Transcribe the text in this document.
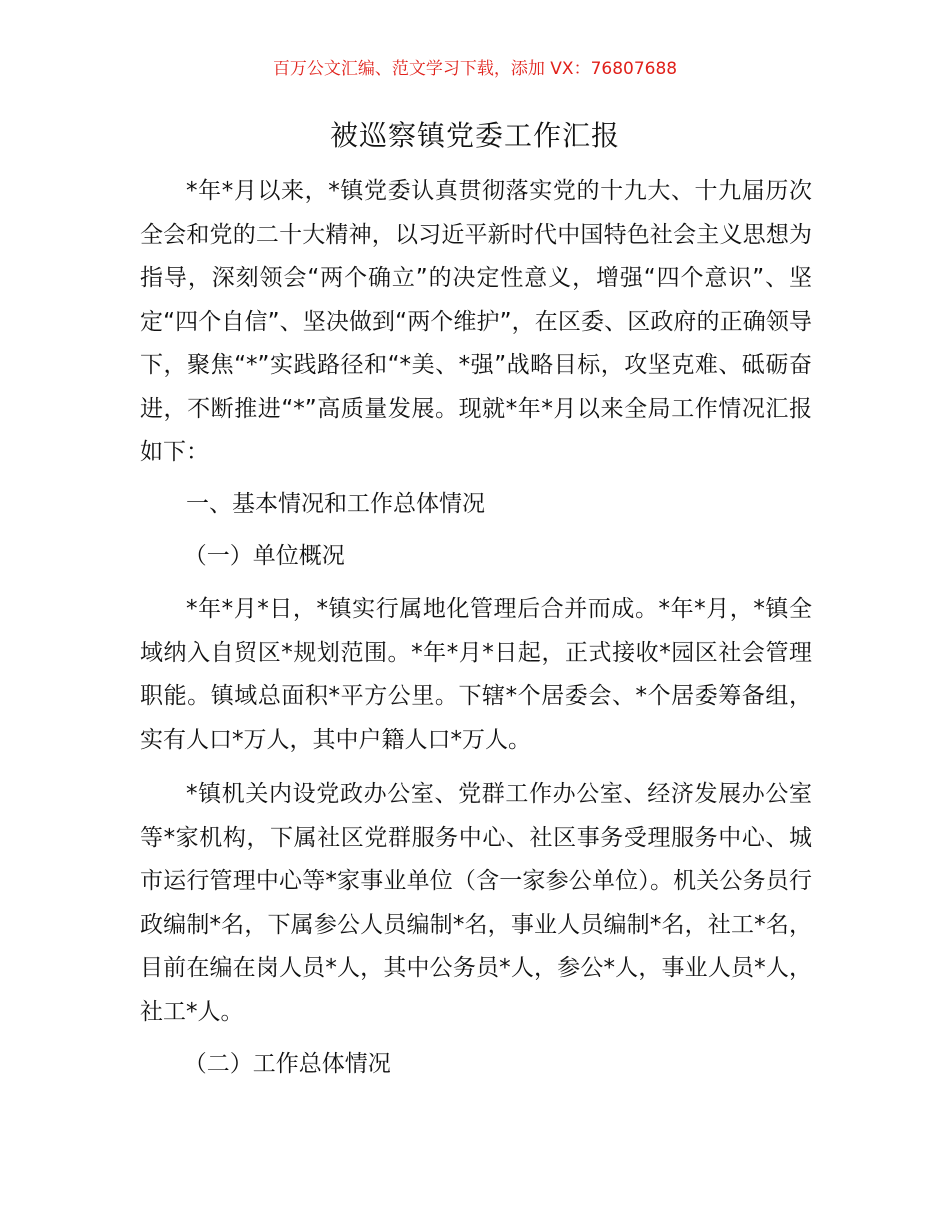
百万公文汇编、范文学习下载，添加 VX：76807688
被巡察镇党委工作汇报

*年*月以来，*镇党委认真贯彻落实党的十九大、十九届历次全会和党的二十大精神，以习近平新时代中国特色社会主义思想为指导，深刻领会“两个确立”的决定性意义，增强“四个意识”、坚定“四个自信”、坚决做到“两个维护”，在区委、区政府的正确领导下，聚焦“*”实践路径和“*美、*强”战略目标，攻坚克难、砥砺奋进，不断推进“*”高质量发展。现就*年*月以来全局工作情况汇报如下：

一、基本情况和工作总体情况

（一）单位概况

*年*月*日，*镇实行属地化管理后合并而成。*年*月，*镇全域纳入自贸区*规划范围。*年*月*日起，正式接收*园区社会管理职能。镇域总面积*平方公里。下辖*个居委会、*个居委筹备组，实有人口*万人，其中户籍人口*万人。

*镇机关内设党政办公室、党群工作办公室、经济发展办公室等*家机构，下属社区党群服务中心、社区事务受理服务中心、城市运行管理中心等*家事业单位（含一家参公单位）。机关公务员行政编制*名，下属参公人员编制*名，事业人员编制*名，社工*名，目前在编在岗人员*人，其中公务员*人，参公*人，事业人员*人，社工*人。

（二）工作总体情况
